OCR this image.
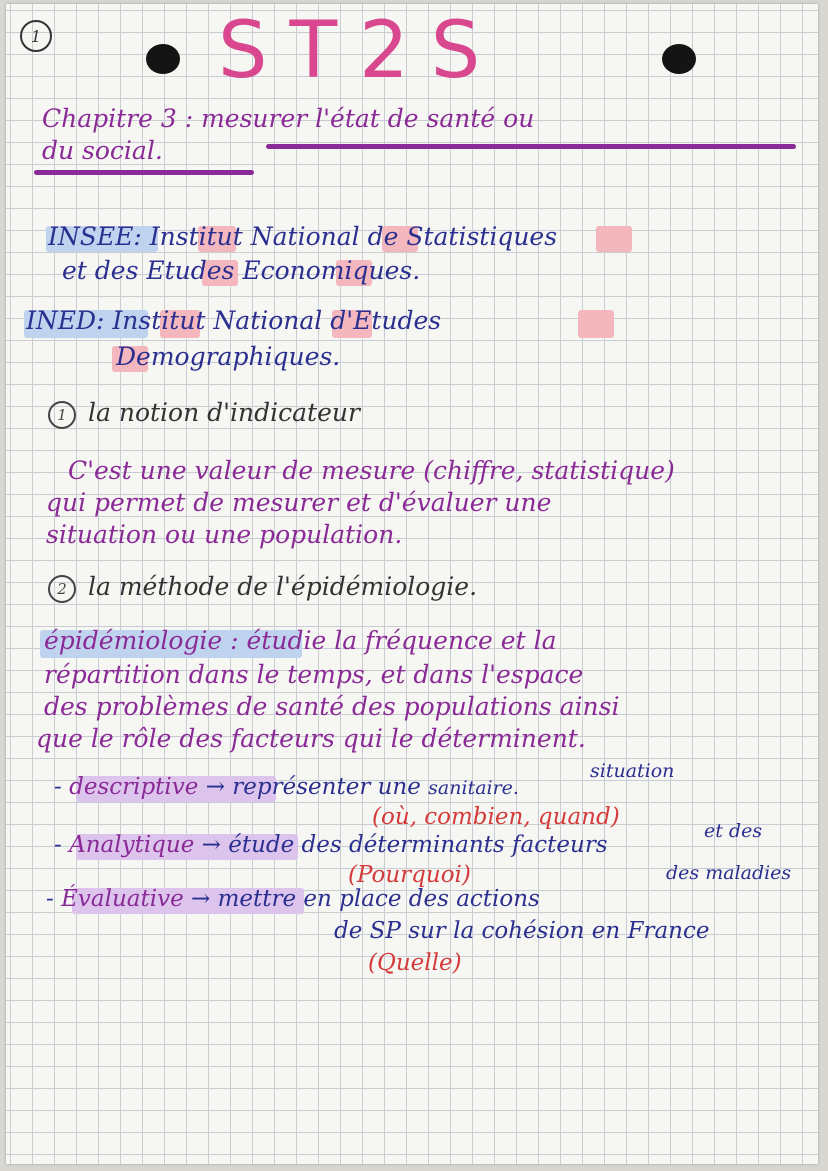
1 ST2S
Chapitre 3 : mesurer l'état de santé ou
du social.
INSEE: Institut National de Statistiques
et des Etudes Economiques.
INED: Institut National d'Etudes
Demographiques.
1 la notion d'indicateur
C'est une valeur de mesure (chiffre, statistique)
qui permet de mesurer et d'évaluer une
situation ou une population.
2 la méthode de l'épidémiologie.
épidémiologie : étudie la fréquence et la
répartition dans le temps, et dans l'espace
des problèmes de santé des populations ainsi
que le rôle des facteurs qui le déterminent.
situation
- descriptive → représenter une sanitaire.
(où, combien, quand)
et des
- Analytique → étude des déterminants facteurs
(Pourquoi)	des maladies
- Évaluative → mettre en place des actions
de SP sur la cohésion en France
(Quelle)
